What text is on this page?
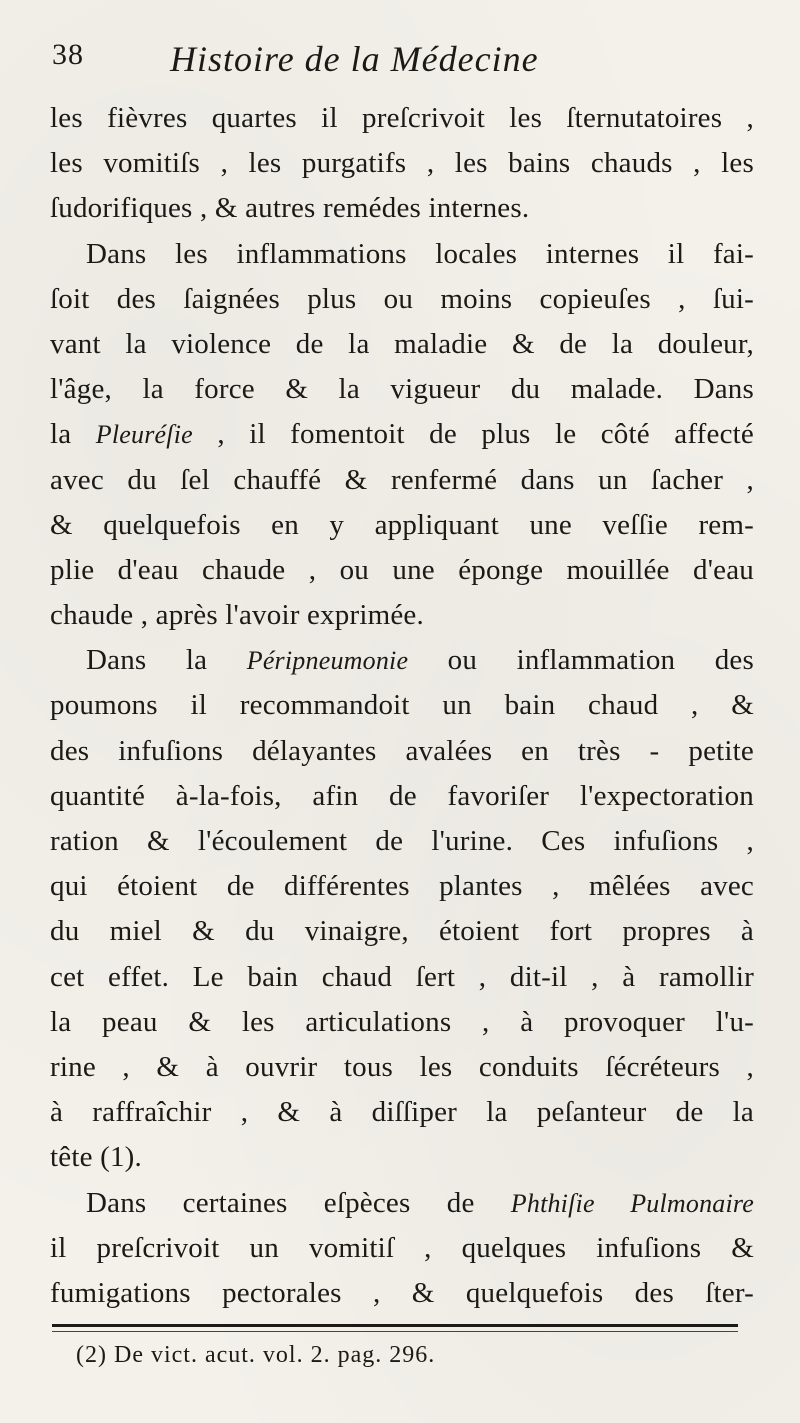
38 Histoire de la Médecine
les fièvres quartes il preſcrivoit les ſternutatoires ,
les vomitiſs , les purgatifs , les bains chauds , les
ſudorifiques , & autres remédes internes.
Dans les inflammations locales internes il fai-
ſoit des ſaignées plus ou moins copieuſes , ſui-
vant la violence de la maladie & de la douleur,
l'âge, la force & la vigueur du malade. Dans
la Pleuréſie , il fomentoit de plus le côté affecté
avec du ſel chauffé & renfermé dans un ſacher ,
& quelquefois en y appliquant une veſſie rem-
plie d'eau chaude , ou une éponge mouillée d'eau
chaude , après l'avoir exprimée.
Dans la Péripneumonie ou inflammation des
poumons il recommandoit un bain chaud , &
des infuſions délayantes avalées en très - petite
quantité à-la-fois, afin de favoriſer l'expectoration
ration & l'écoulement de l'urine. Ces infuſions ,
qui étoient de différentes plantes , mêlées avec
du miel & du vinaigre, étoient fort propres à
cet effet. Le bain chaud ſert , dit-il , à ramollir
la peau & les articulations , à provoquer l'u-
rine , & à ouvrir tous les conduits ſécréteurs ,
à raffraîchir , & à diſſiper la peſanteur de la
tête (1).
Dans certaines eſpèces de Phthiſie Pulmonaire
il preſcrivoit un vomitiſ , quelques infuſions &
fumigations pectorales , & quelquefois des ſter-
(2) De vict. acut. vol. 2. pag. 296.
